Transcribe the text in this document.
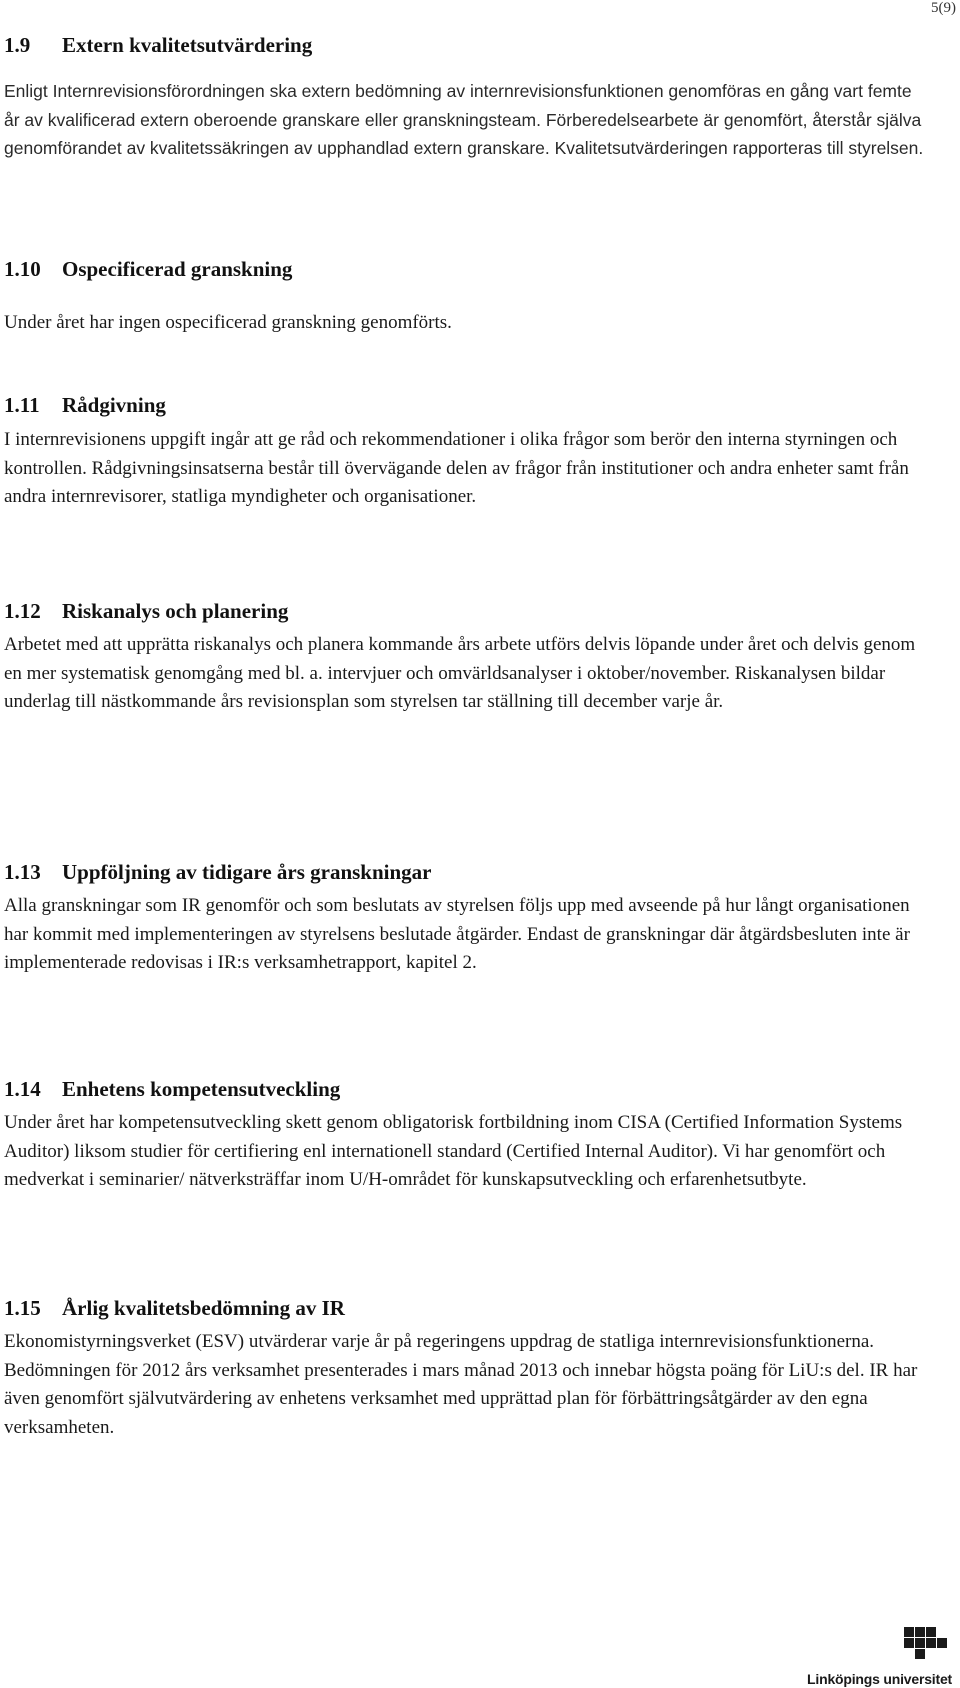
5(9)
1.9 Extern kvalitetsutvärdering

Enligt Internrevisionsförordningen ska extern bedömning av internrevisionsfunktionen genomföras en gång vart femte år av kvalificerad extern oberoende granskare eller granskningsteam. Förberedelsearbete är genomfört, återstår själva genomförandet av kvalitetssäkringen av upphandlad extern granskare. Kvalitetsutvärderingen rapporteras till styrelsen.

1.10 Ospecificerad granskning

Under året har ingen ospecificerad granskning genomförts.

1.11 Rådgivning

I internrevisionens uppgift ingår att ge råd och rekommendationer i olika frågor som berör den interna styrningen och kontrollen. Rådgivningsinsatserna består till övervägande delen av frågor från institutioner och andra enheter samt från andra internrevisorer, statliga myndigheter och organisationer.

1.12 Riskanalys och planering

Arbetet med att upprätta riskanalys och planera kommande års arbete utförs delvis löpande under året och delvis genom en mer systematisk genomgång med bl. a. intervjuer och omvärldsanalyser i oktober/november. Riskanalysen bildar underlag till nästkommande års revisionsplan som styrelsen tar ställning till december varje år.

1.13 Uppföljning av tidigare års granskningar

Alla granskningar som IR genomför och som beslutats av styrelsen följs upp med avseende på hur långt organisationen har kommit med implementeringen av styrelsens beslutade åtgärder. Endast de granskningar där åtgärdsbesluten inte är implementerade redovisas i IR:s verksamhetrapport, kapitel 2.

1.14 Enhetens kompetensutveckling

Under året har kompetensutveckling skett genom obligatorisk fortbildning inom CISA (Certified Information Systems Auditor) liksom studier för certifiering enl internationell standard (Certified Internal Auditor). Vi har genomfört och medverkat i seminarier/ nätverksträffar inom U/H-området för kunskapsutveckling och erfarenhetsutbyte.

1.15 Årlig kvalitetsbedömning av IR

Ekonomistyrningsverket (ESV) utvärderar varje år på regeringens uppdrag de statliga internrevisionsfunktionerna. Bedömningen för 2012 års verksamhet presenterades i mars månad 2013 och innebar högsta poäng för LiU:s del. IR har även genomfört självutvärdering av enhetens verksamhet med upprättad plan för förbättringsåtgärder av den egna verksamheten.

Linköpings universitet
